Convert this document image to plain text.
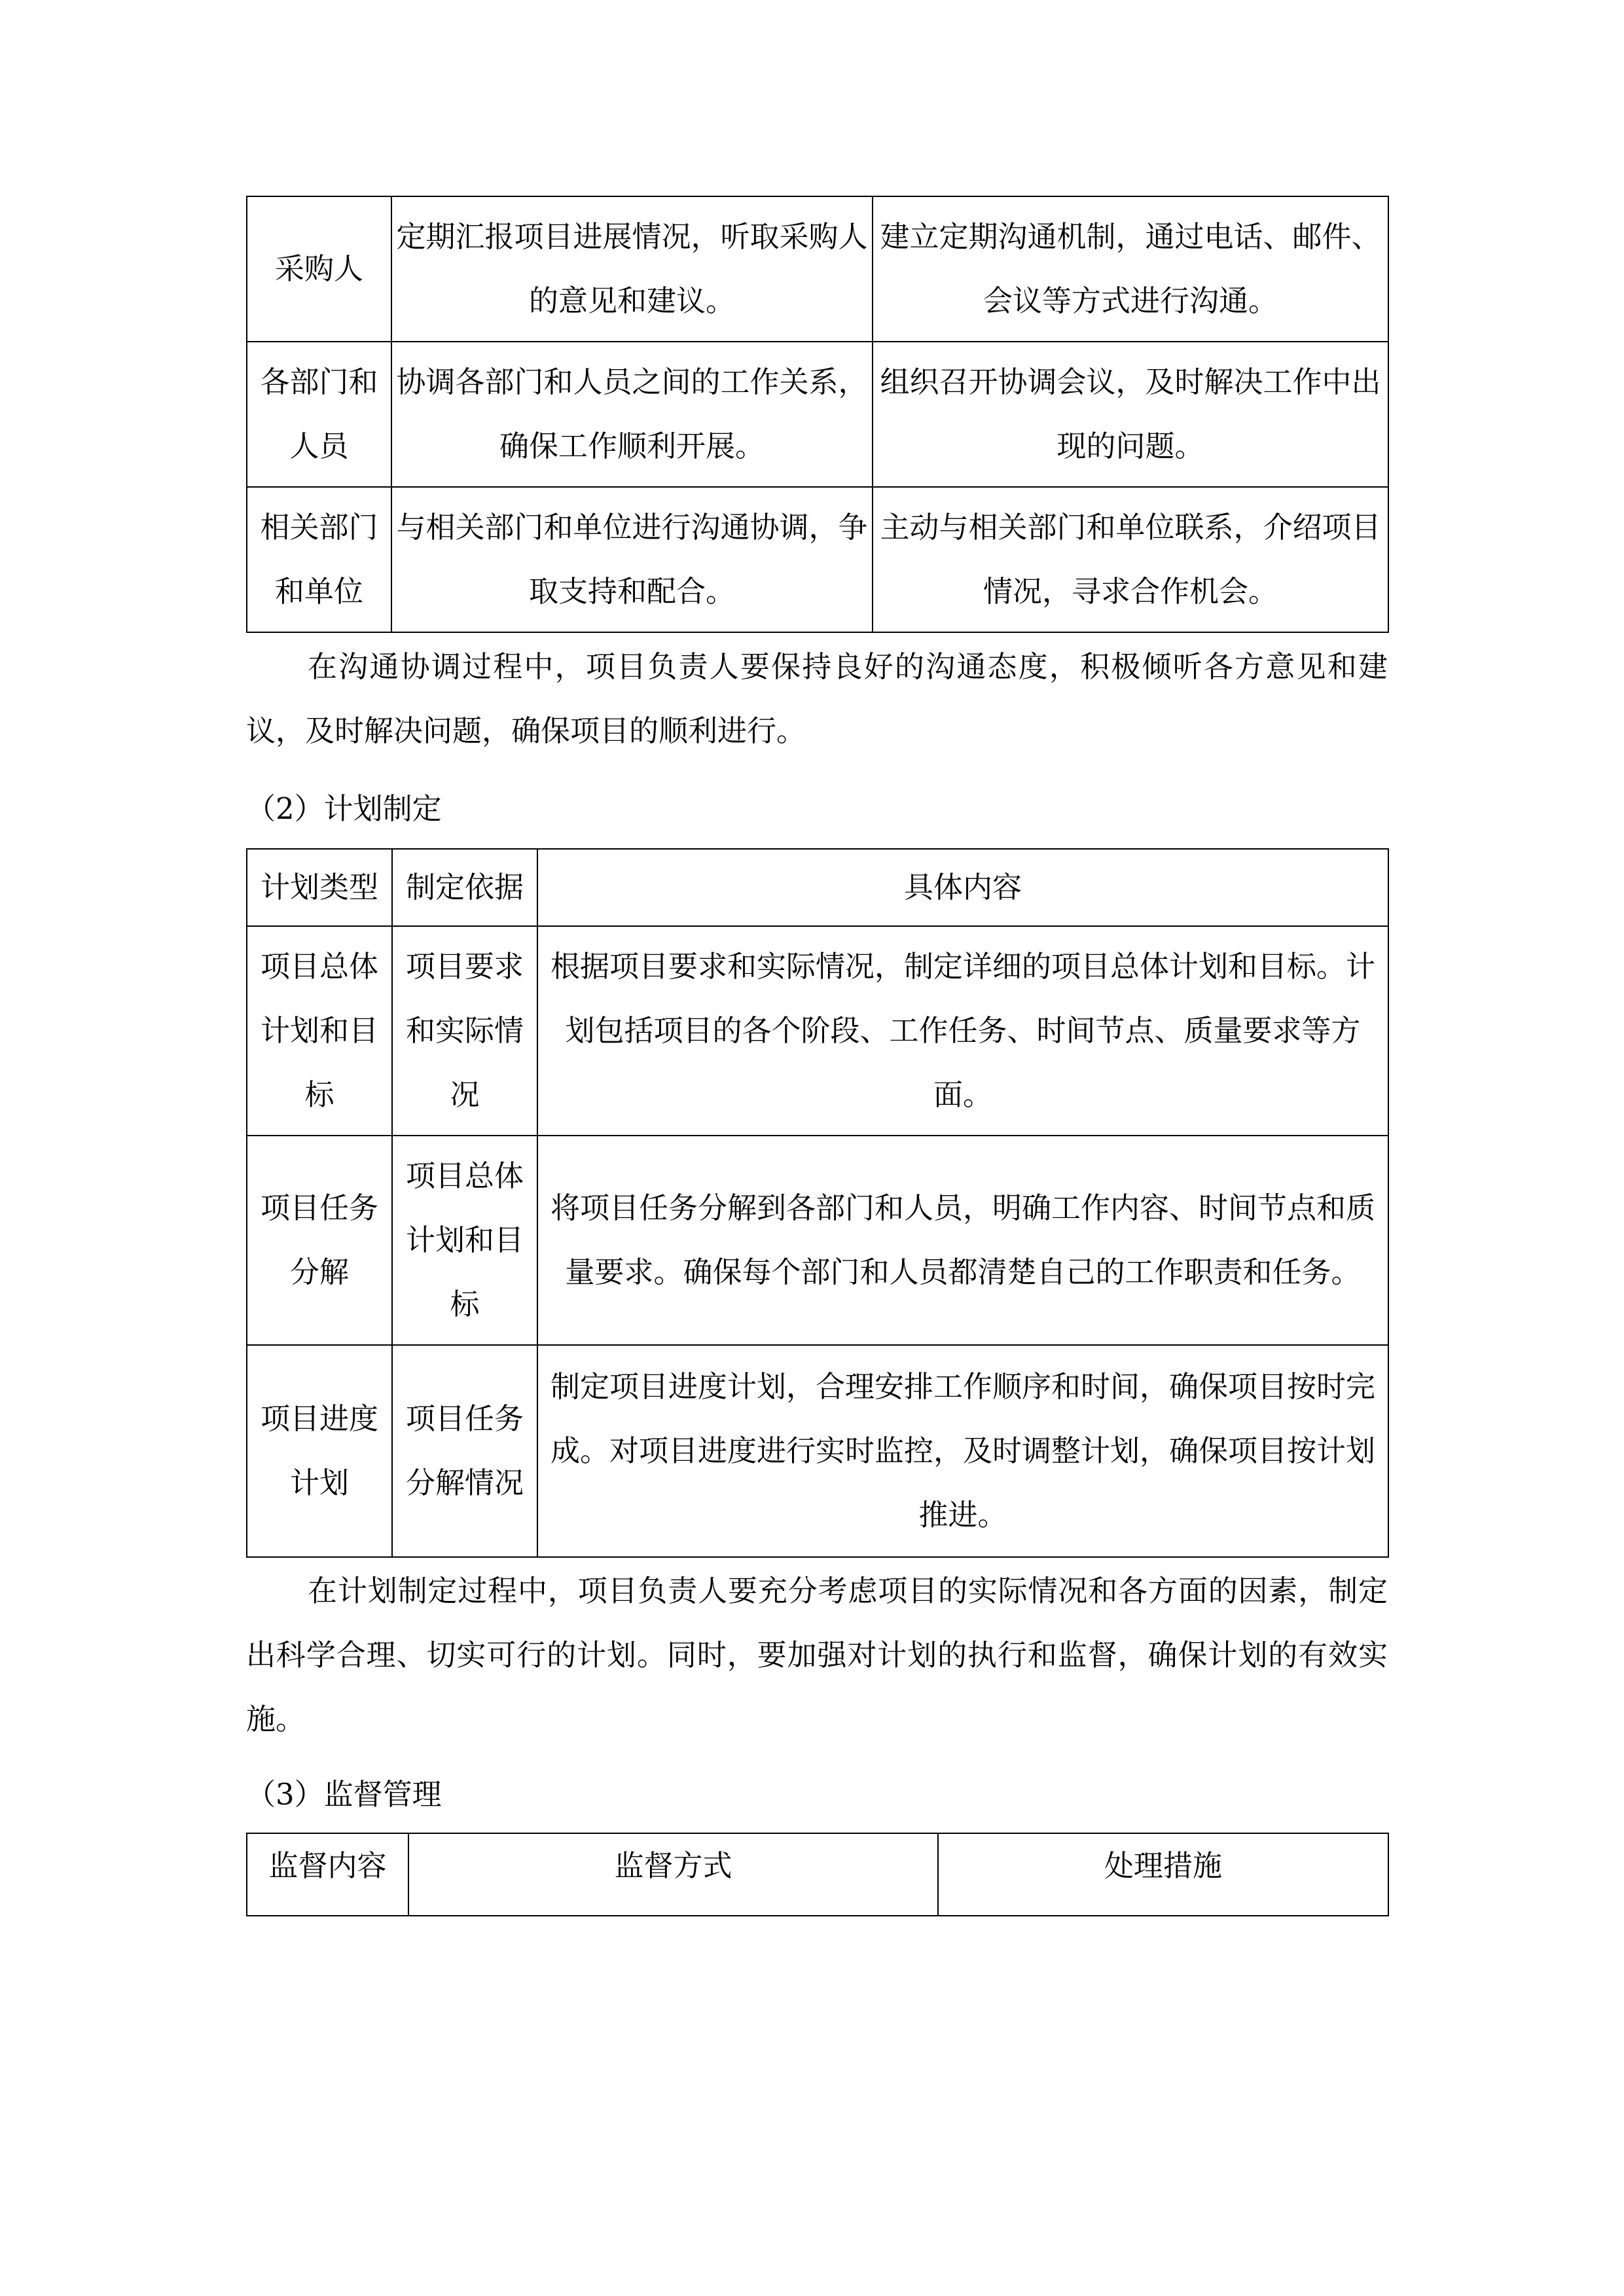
采购人	定期汇报项目进展情况，听取采购人的意见和建议。	建立定期沟通机制，通过电话、邮件、会议等方式进行沟通。
各部门和人员	协调各部门和人员之间的工作关系，确保工作顺利开展。	组织召开协调会议，及时解决工作中出现的问题。
相关部门和单位	与相关部门和单位进行沟通协调，争取支持和配合。	主动与相关部门和单位联系，介绍项目情况，寻求合作机会。

在沟通协调过程中，项目负责人要保持良好的沟通态度，积极倾听各方意见和建议，及时解决问题，确保项目的顺利进行。

（2）计划制定

计划类型	制定依据	具体内容
项目总体计划和目标	项目要求和实际情况	根据项目要求和实际情况，制定详细的项目总体计划和目标。计划包括项目的各个阶段、工作任务、时间节点、质量要求等方面。
项目任务分解	项目总体计划和目标	将项目任务分解到各部门和人员，明确工作内容、时间节点和质量要求。确保每个部门和人员都清楚自己的工作职责和任务。
项目进度计划	项目任务分解情况	制定项目进度计划，合理安排工作顺序和时间，确保项目按时完成。对项目进度进行实时监控，及时调整计划，确保项目按计划推进。

在计划制定过程中，项目负责人要充分考虑项目的实际情况和各方面的因素，制定出科学合理、切实可行的计划。同时，要加强对计划的执行和监督，确保计划的有效实施。

（3）监督管理

监督内容	监督方式	处理措施
